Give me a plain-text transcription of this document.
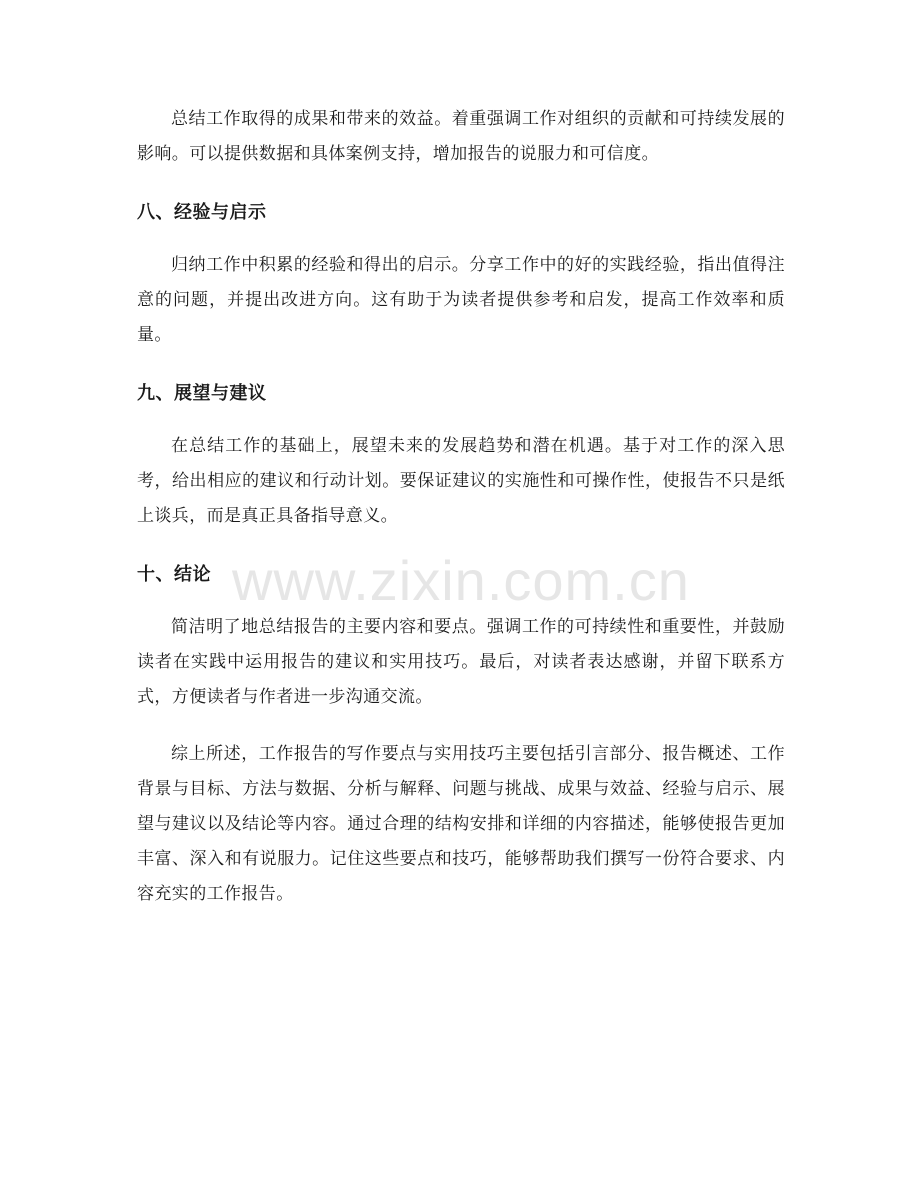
总结工作取得的成果和带来的效益。着重强调工作对组织的贡献和可持续发展的影响。可以提供数据和具体案例支持，增加报告的说服力和可信度。

八、经验与启示

归纳工作中积累的经验和得出的启示。分享工作中的好的实践经验，指出值得注意的问题，并提出改进方向。这有助于为读者提供参考和启发，提高工作效率和质量。

九、展望与建议

在总结工作的基础上，展望未来的发展趋势和潜在机遇。基于对工作的深入思考，给出相应的建议和行动计划。要保证建议的实施性和可操作性，使报告不只是纸上谈兵，而是真正具备指导意义。

十、结论

简洁明了地总结报告的主要内容和要点。强调工作的可持续性和重要性，并鼓励读者在实践中运用报告的建议和实用技巧。最后，对读者表达感谢，并留下联系方式，方便读者与作者进一步沟通交流。

综上所述，工作报告的写作要点与实用技巧主要包括引言部分、报告概述、工作背景与目标、方法与数据、分析与解释、问题与挑战、成果与效益、经验与启示、展望与建议以及结论等内容。通过合理的结构安排和详细的内容描述，能够使报告更加丰富、深入和有说服力。记住这些要点和技巧，能够帮助我们撰写一份符合要求、内容充实的工作报告。

www.zixin.com.cn
